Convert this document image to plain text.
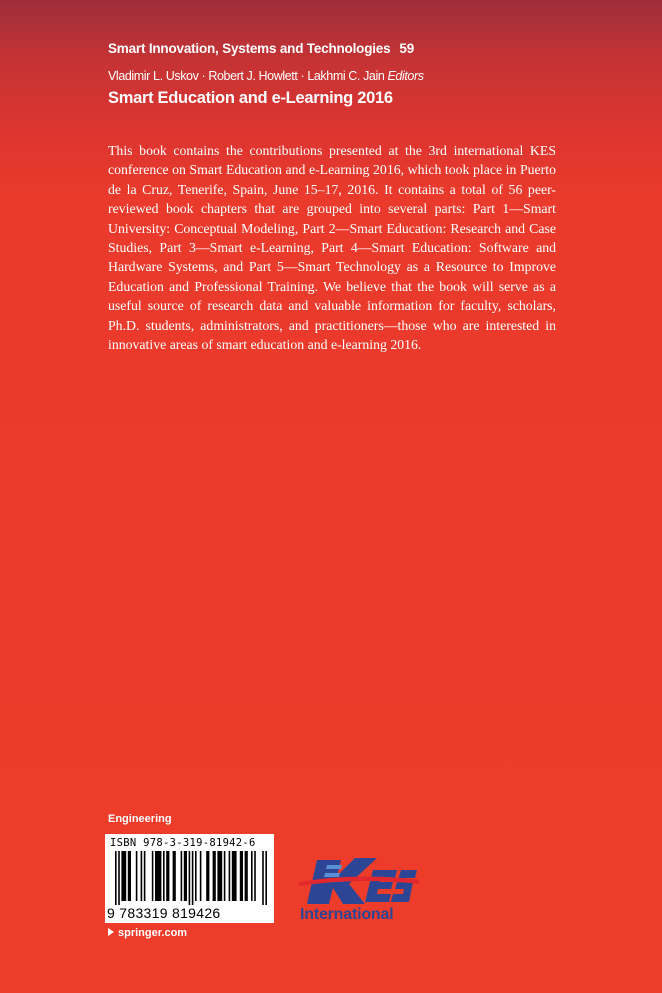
Smart Innovation, Systems and Technologies 59
Vladimir L. Uskov · Robert J. Howlett · Lakhmi C. Jain Editors
Smart Education and e-Learning 2016

This book contains the contributions presented at the 3rd international KES conference on Smart Education and e-Learning 2016, which took place in Puerto de la Cruz, Tenerife, Spain, June 15–17, 2016. It contains a total of 56 peer-reviewed book chapters that are grouped into several parts: Part 1—Smart University: Conceptual Modeling, Part 2—Smart Education: Research and Case Studies, Part 3—Smart e-Learning, Part 4—Smart Education: Software and Hardware Systems, and Part 5—Smart Technology as a Resource to Improve Education and Professional Training. We believe that the book will serve as a useful source of research data and valuable information for faculty, scholars, Ph.D. students, administrators, and practitioners—those who are interested in innovative areas of smart education and e-learning 2016.

Engineering
ISBN 978-3-319-81942-6
9 783319 819426
springer.com
International
